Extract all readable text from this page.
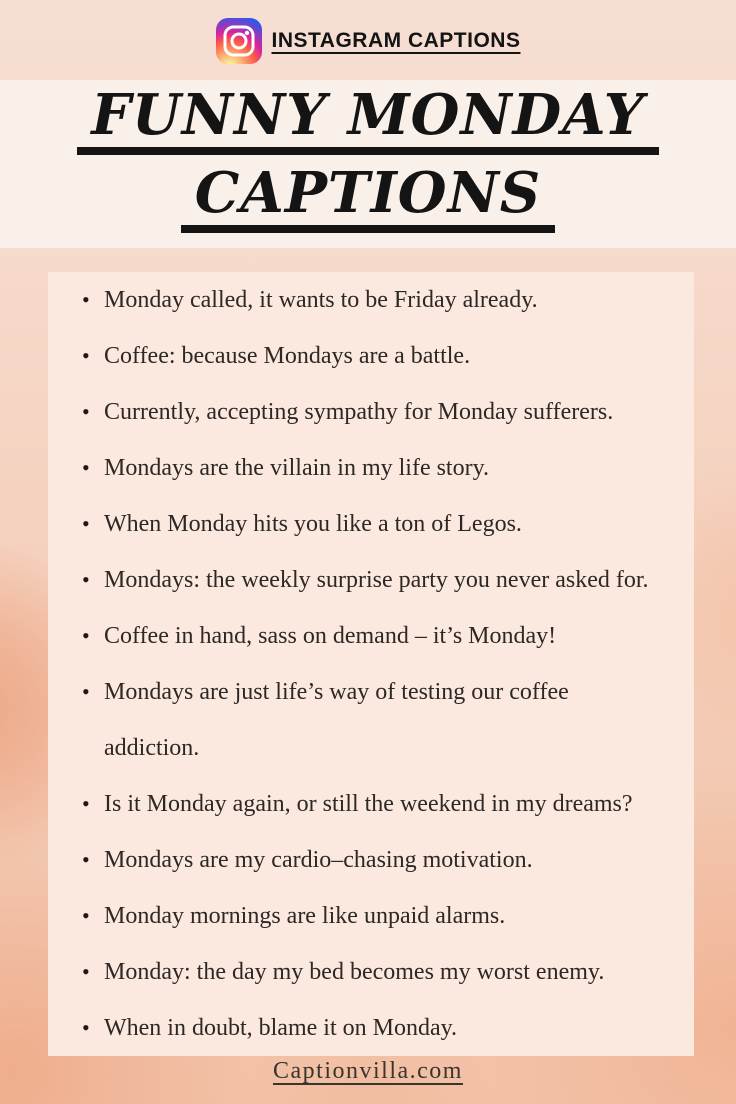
INSTAGRAM CAPTIONS
FUNNY MONDAY
CAPTIONS
• Monday called, it wants to be Friday already.
• Coffee: because Mondays are a battle.
• Currently, accepting sympathy for Monday sufferers.
• Mondays are the villain in my life story.
• When Monday hits you like a ton of Legos.
• Mondays: the weekly surprise party you never asked for.
• Coffee in hand, sass on demand – it’s Monday!
• Mondays are just life’s way of testing our coffee addiction.
• Is it Monday again, or still the weekend in my dreams?
• Mondays are my cardio–chasing motivation.
• Monday mornings are like unpaid alarms.
• Monday: the day my bed becomes my worst enemy.
• When in doubt, blame it on Monday.
Captionvilla.com
